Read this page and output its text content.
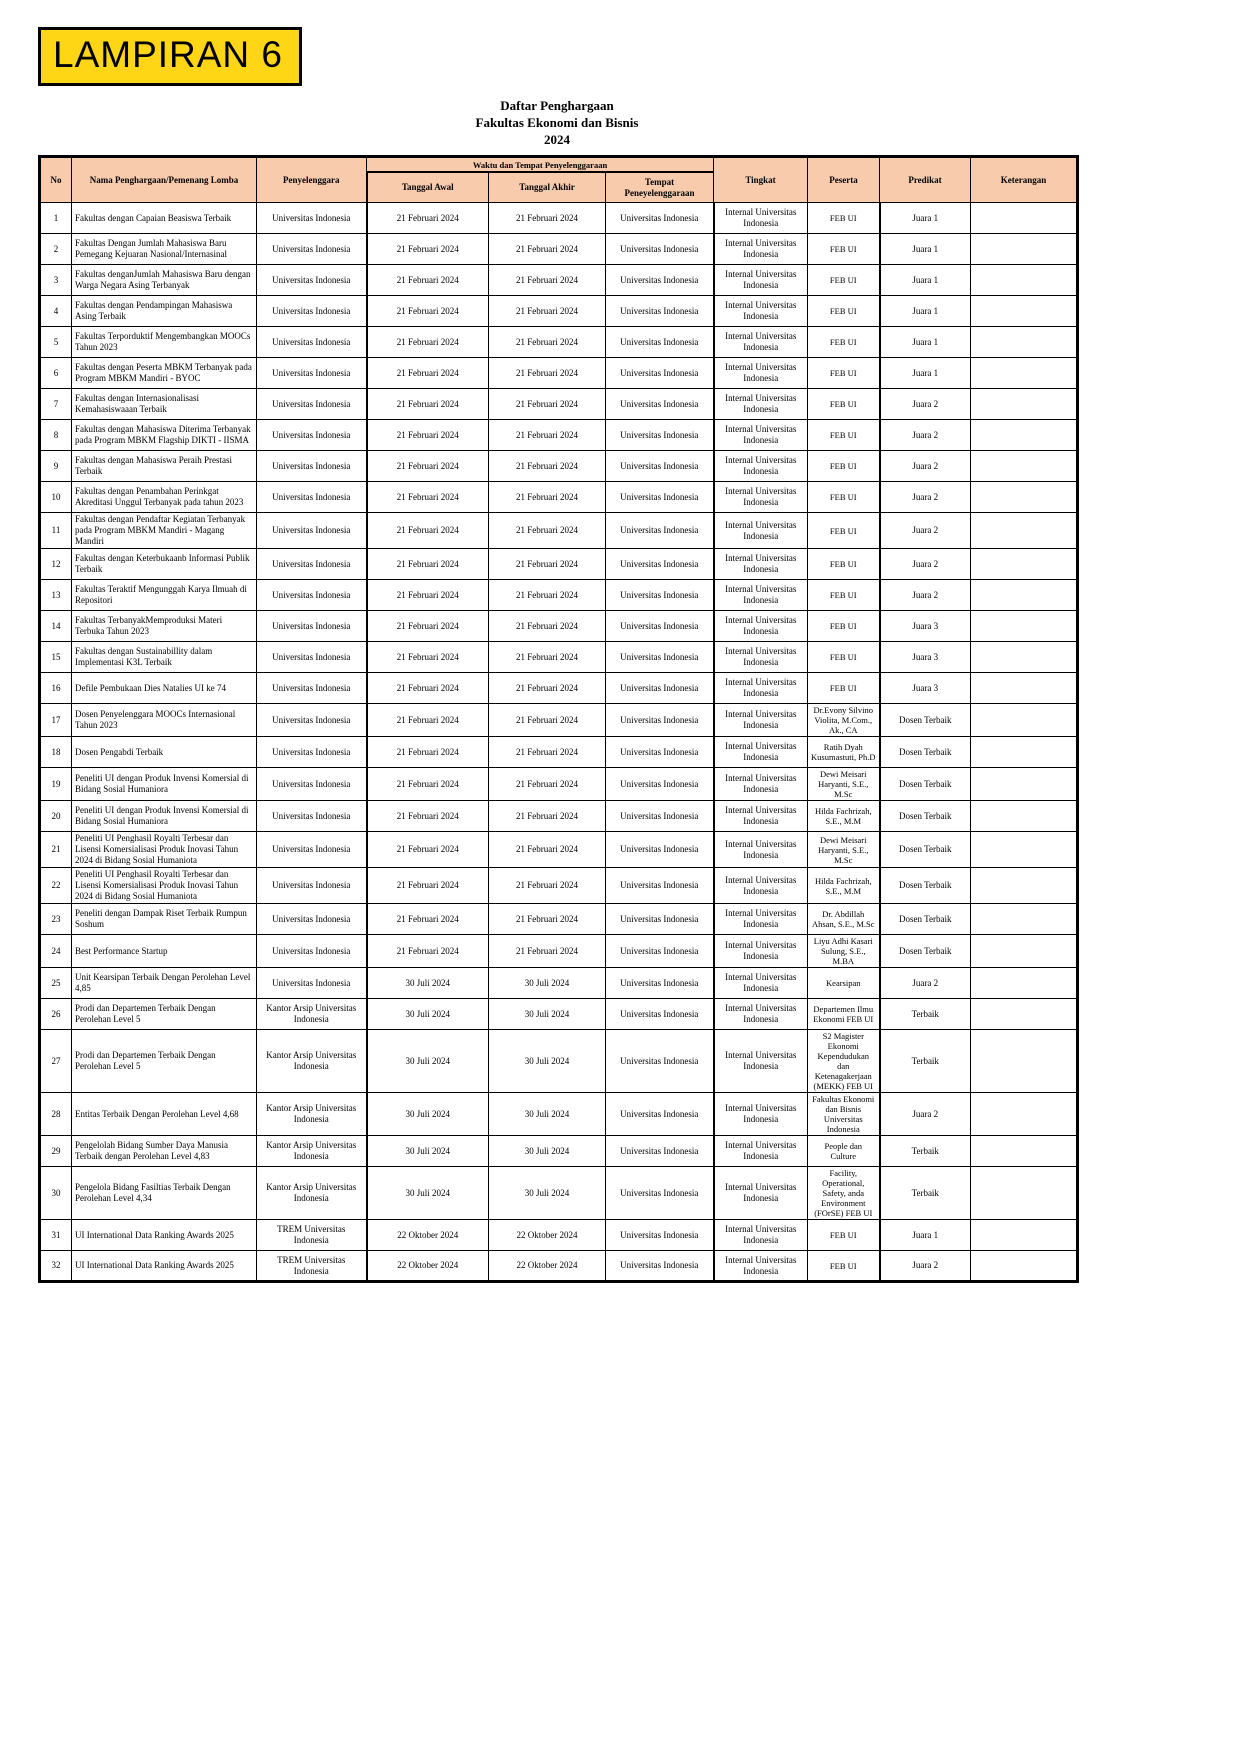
LAMPIRAN 6
Daftar Penghargaan
Fakultas Ekonomi dan Bisnis
2024
No	Nama Penghargaan/Pemenang Lomba	Penyelenggara	Waktu dan Tempat Penyelenggaraan			Tingkat	Peserta	Predikat	Keterangan
			Tanggal Awal	Tanggal Akhir	Tempat Peneyelenggaraan				
1	Fakultas dengan Capaian Beasiswa Terbaik	Universitas Indonesia	21 Februari 2024	21 Februari 2024	Universitas Indonesia	Internal Universitas Indonesia	FEB UI	Juara 1	
2	Fakultas Dengan Jumlah Mahasiswa Baru Pemegang Kejuaran Nasional/Internasinal	Universitas Indonesia	21 Februari 2024	21 Februari 2024	Universitas Indonesia	Internal Universitas Indonesia	FEB UI	Juara 1	
3	Fakultas denganJumlah Mahasiswa Baru dengan Warga Negara Asing Terbanyak	Universitas Indonesia	21 Februari 2024	21 Februari 2024	Universitas Indonesia	Internal Universitas Indonesia	FEB UI	Juara 1	
4	Fakultas dengan Pendampingan Mahasiswa Asing Terbaik	Universitas Indonesia	21 Februari 2024	21 Februari 2024	Universitas Indonesia	Internal Universitas Indonesia	FEB UI	Juara 1	
5	Fakultas Terporduktif Mengembangkan MOOCs Tahun 2023	Universitas Indonesia	21 Februari 2024	21 Februari 2024	Universitas Indonesia	Internal Universitas Indonesia	FEB UI	Juara 1	
6	Fakultas dengan Peserta MBKM Terbanyak pada Program MBKM Mandiri - BYOC	Universitas Indonesia	21 Februari 2024	21 Februari 2024	Universitas Indonesia	Internal Universitas Indonesia	FEB UI	Juara 1	
7	Fakultas dengan Internasionalisasi Kemahasiswaaan Terbaik	Universitas Indonesia	21 Februari 2024	21 Februari 2024	Universitas Indonesia	Internal Universitas Indonesia	FEB UI	Juara 2	
8	Fakultas dengan Mahasiswa Diterima Terbanyak pada Program MBKM Flagship DIKTI - IISMA	Universitas Indonesia	21 Februari 2024	21 Februari 2024	Universitas Indonesia	Internal Universitas Indonesia	FEB UI	Juara 2	
9	Fakultas dengan Mahasiswa Peraih Prestasi Terbaik	Universitas Indonesia	21 Februari 2024	21 Februari 2024	Universitas Indonesia	Internal Universitas Indonesia	FEB UI	Juara 2	
10	Fakultas dengan Penambahan Perinkgat Akreditasi Unggul Terbanyak pada tahun 2023	Universitas Indonesia	21 Februari 2024	21 Februari 2024	Universitas Indonesia	Internal Universitas Indonesia	FEB UI	Juara 2	
11	Fakultas dengan Pendaftar Kegiatan Terbanyak pada Program MBKM Mandiri - Magang Mandiri	Universitas Indonesia	21 Februari 2024	21 Februari 2024	Universitas Indonesia	Internal Universitas Indonesia	FEB UI	Juara 2	
12	Fakultas dengan Keterbukaanb Informasi Publik Terbaik	Universitas Indonesia	21 Februari 2024	21 Februari 2024	Universitas Indonesia	Internal Universitas Indonesia	FEB UI	Juara 2	
13	Fakultas Teraktif Mengunggah Karya Ilmuah di Repositori	Universitas Indonesia	21 Februari 2024	21 Februari 2024	Universitas Indonesia	Internal Universitas Indonesia	FEB UI	Juara 2	
14	Fakultas TerbanyakMemproduksi Materi Terbuka Tahun 2023	Universitas Indonesia	21 Februari 2024	21 Februari 2024	Universitas Indonesia	Internal Universitas Indonesia	FEB UI	Juara 3	
15	Fakultas dengan Sustainabillity dalam Implementasi K3L Terbaik	Universitas Indonesia	21 Februari 2024	21 Februari 2024	Universitas Indonesia	Internal Universitas Indonesia	FEB UI	Juara 3	
16	Defile Pembukaan Dies Natalies UI ke 74	Universitas Indonesia	21 Februari 2024	21 Februari 2024	Universitas Indonesia	Internal Universitas Indonesia	FEB UI	Juara 3	
17	Dosen Penyelenggara MOOCs Internasional Tahun 2023	Universitas Indonesia	21 Februari 2024	21 Februari 2024	Universitas Indonesia	Internal Universitas Indonesia	Dr.Evony Silvino Violita, M.Com., Ak., CA	Dosen Terbaik	
18	Dosen Pengabdi Terbaik	Universitas Indonesia	21 Februari 2024	21 Februari 2024	Universitas Indonesia	Internal Universitas Indonesia	Ratih Dyah Kusumastuti, Ph.D	Dosen Terbaik	
19	Peneliti UI dengan Produk Invensi Komersial di Bidang Sosial Humaniora	Universitas Indonesia	21 Februari 2024	21 Februari 2024	Universitas Indonesia	Internal Universitas Indonesia	Dewi Meisari Haryanti, S.E., M.Sc	Dosen Terbaik	
20	Peneliti UI dengan Produk Invensi Komersial di Bidang Sosial Humaniora	Universitas Indonesia	21 Februari 2024	21 Februari 2024	Universitas Indonesia	Internal Universitas Indonesia	Hilda Fachrizah, S.E., M.M	Dosen Terbaik	
21	Peneliti UI Penghasil Royalti Terbesar dan Lisensi Komersialisasi Produk Inovasi Tahun 2024 di Bidang Sosial Humaniota	Universitas Indonesia	21 Februari 2024	21 Februari 2024	Universitas Indonesia	Internal Universitas Indonesia	Dewi Meisari Haryanti, S.E., M.Sc	Dosen Terbaik	
22	Peneliti UI Penghasil Royalti Terbesar dan Lisensi Komersialisasi Produk Inovasi Tahun 2024 di Bidang Sosial Humaniota	Universitas Indonesia	21 Februari 2024	21 Februari 2024	Universitas Indonesia	Internal Universitas Indonesia	Hilda Fachrizah, S.E., M.M	Dosen Terbaik	
23	Peneliti dengan Dampak Riset Terbaik Rumpun Soshum	Universitas Indonesia	21 Februari 2024	21 Februari 2024	Universitas Indonesia	Internal Universitas Indonesia	Dr. Abdillah Ahsan, S.E., M.Sc	Dosen Terbaik	
24	Best Performance Startup	Universitas Indonesia	21 Februari 2024	21 Februari 2024	Universitas Indonesia	Internal Universitas Indonesia	Liyu Adhi Kasari Sulung, S.E., M.BA	Dosen Terbaik	
25	Unit Kearsipan Terbaik Dengan Perolehan Level 4,85	Universitas Indonesia	30 Juli 2024	30 Juli 2024	Universitas Indonesia	Internal Universitas Indonesia	Kearsipan	Juara 2	
26	Prodi dan Departemen Terbaik Dengan Perolehan Level 5	Kantor Arsip Universitas Indonesia	30 Juli 2024	30 Juli 2024	Universitas Indonesia	Internal Universitas Indonesia	Departemen Ilmu Ekonomi FEB UI	Terbaik	
27	Prodi dan Departemen Terbaik Dengan Perolehan Level 5	Kantor Arsip Universitas Indonesia	30 Juli 2024	30 Juli 2024	Universitas Indonesia	Internal Universitas Indonesia	S2 Magister Ekonomi Kependudukan dan Ketenagakerjaan (MEKK) FEB UI	Terbaik	
28	Entitas Terbaik Dengan Perolehan Level 4,68	Kantor Arsip Universitas Indonesia	30 Juli 2024	30 Juli 2024	Universitas Indonesia	Internal Universitas Indonesia	Fakultas Ekonomi dan Bisnis Universitas Indonesia	Juara 2	
29	Pengelolah Bidang Sumber Daya Manusia Terbaik dengan Perolehan Level 4,83	Kantor Arsip Universitas Indonesia	30 Juli 2024	30 Juli 2024	Universitas Indonesia	Internal Universitas Indonesia	People dan Culture	Terbaik	
30	Pengelola Bidang Fasiltias Terbaik Dengan Perolehan Level 4,34	Kantor Arsip Universitas Indonesia	30 Juli 2024	30 Juli 2024	Universitas Indonesia	Internal Universitas Indonesia	Facility, Operational, Safety, anda Environment (FOrSE) FEB UI	Terbaik	
31	UI International Data Ranking Awards 2025	TREM Universitas Indonesia	22 Oktober 2024	22 Oktober 2024	Universitas Indonesia	Internal Universitas Indonesia	FEB UI	Juara 1	
32	UI International Data Ranking Awards 2025	TREM Universitas Indonesia	22 Oktober 2024	22 Oktober 2024	Universitas Indonesia	Internal Universitas Indonesia	FEB UI	Juara 2	
